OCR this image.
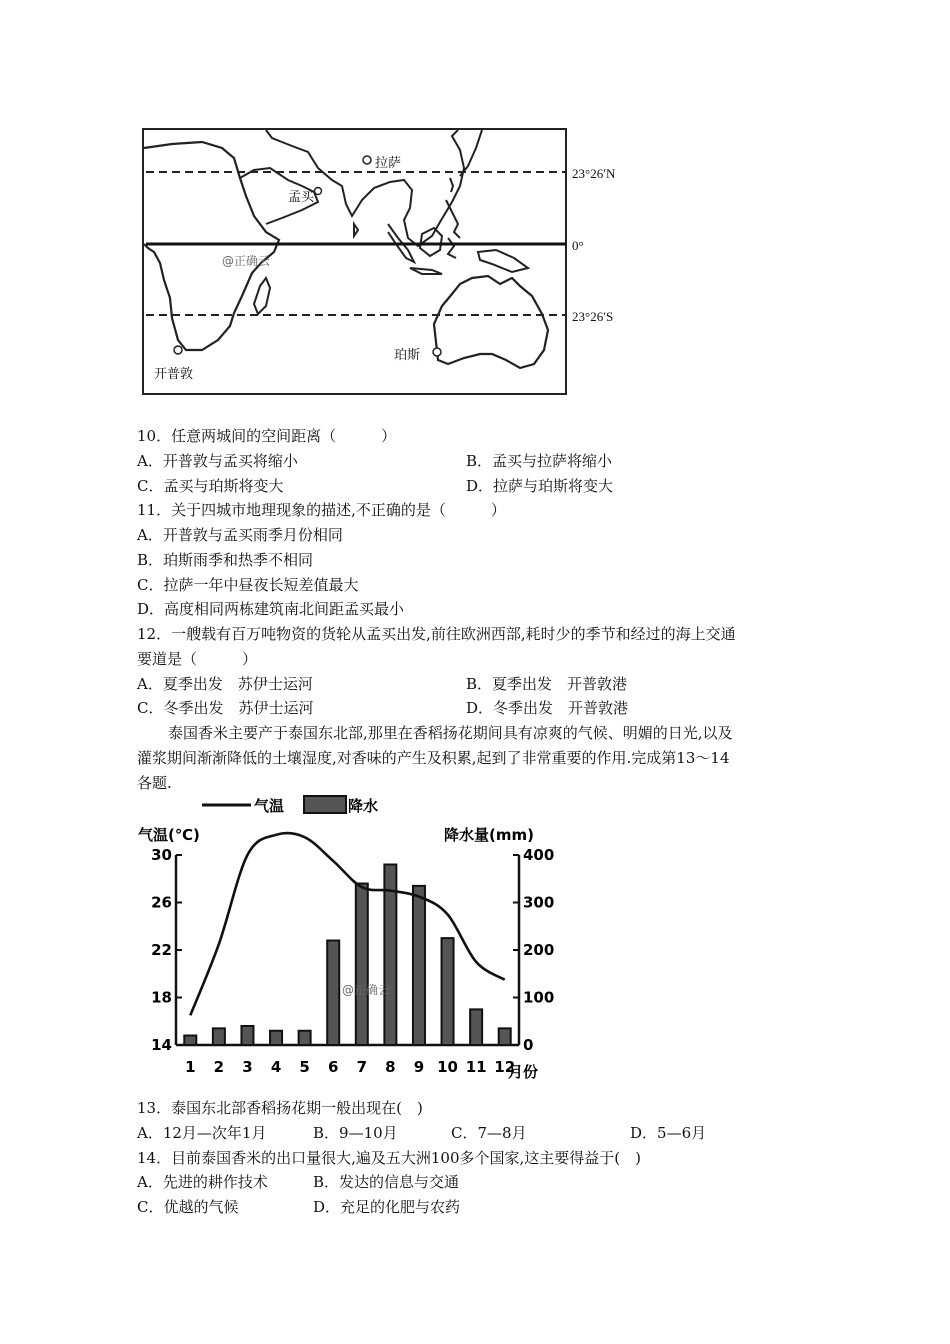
拉萨
孟买
开普敦
珀斯
@正确云
23°26′N
0°
23°26′S
10．任意两城间的空间距离（　　　）
A．开普敦与孟买将缩小	B．孟买与拉萨将缩小
C．孟买与珀斯将变大	D．拉萨与珀斯将变大
11．关于四城市地理现象的描述,不正确的是（　　　）
A．开普敦与孟买雨季月份相同
B．珀斯雨季和热季不相同
C．拉萨一年中昼夜长短差值最大
D．高度相同两栋建筑南北间距孟买最小
12．一艘载有百万吨物资的货轮从孟买出发,前往欧洲西部,耗时少的季节和经过的海上交通
要道是（　　　）
A．夏季出发　苏伊士运河	B．夏季出发　开普敦港
C．冬季出发　苏伊士运河	D．冬季出发　开普敦港
泰国香米主要产于泰国东北部,那里在香稻扬花期间具有凉爽的气候、明媚的日光,以及
灌浆期间渐渐降低的土壤湿度,对香味的产生及积累,起到了非常重要的作用.完成第13～14
各题.
气温	降水
气温(℃)	降水量(mm)
14
18
22
26
30
0
100
200
300
400
1 2 3 4 5 6 7 8 9 10 11 12
月份
@正确云
13．泰国东北部香稻扬花期一般出现在(　)
A．12月—次年1月	B．9—10月	C．7—8月	D．5—6月
14．目前泰国香米的出口量很大,遍及五大洲100多个国家,这主要得益于(　)
A．先进的耕作技术	B．发达的信息与交通
C．优越的气候	D．充足的化肥与农药
